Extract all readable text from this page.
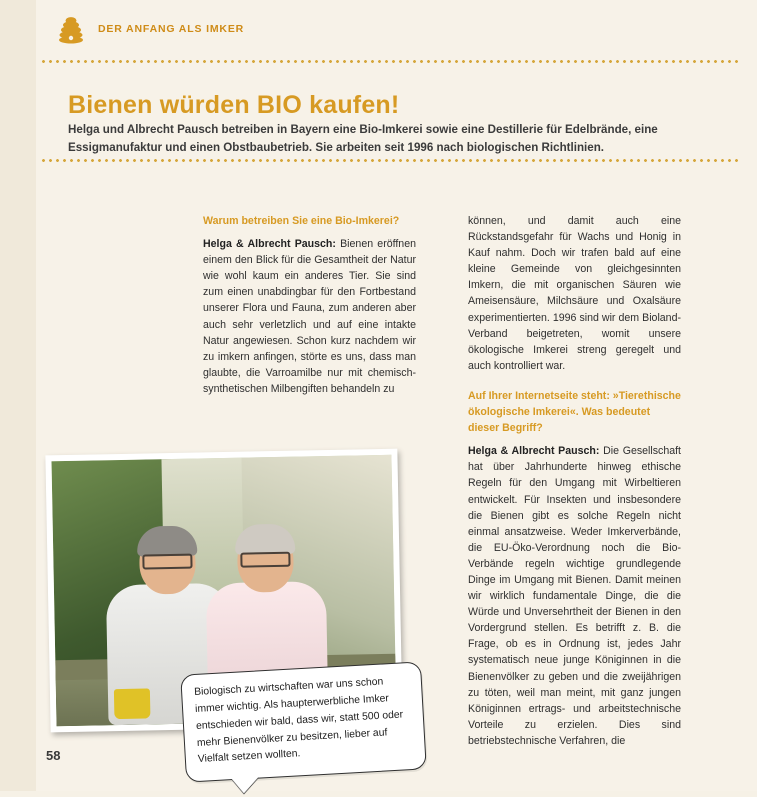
DER ANFANG ALS IMKER
Bienen würden BIO kaufen!

Helga und Albrecht Pausch betreiben in Bayern eine Bio-Imkerei sowie eine Destillerie für Edelbrände, eine Essigmanufaktur und einen Obstbaubetrieb. Sie arbeiten seit 1996 nach biologischen Richtlinien.

Warum betreiben Sie eine Bio-Imkerei?

Helga & Albrecht Pausch: Bienen eröffnen einem den Blick für die Gesamtheit der Natur wie wohl kaum ein anderes Tier. Sie sind zum einen unabdingbar für den Fortbestand unserer Flora und Fauna, zum anderen aber auch sehr verletzlich und auf eine intakte Natur angewiesen. Schon kurz nachdem wir zu imkern anfingen, störte es uns, dass man glaubte, die Varroamilbe nur mit chemisch-synthetischen Milbengiften behandeln zu

können, und damit auch eine Rückstandsgefahr für Wachs und Honig in Kauf nahm. Doch wir trafen bald auf eine kleine Gemeinde von gleichgesinnten Imkern, die mit organischen Säuren wie Ameisensäure, Milchsäure und Oxalsäure experimentierten. 1996 sind wir dem Bioland-Verband beigetreten, womit unsere ökologische Imkerei streng geregelt und auch kontrolliert war.

Auf Ihrer Internetseite steht: »Tierethische ökologische Imkerei«. Was bedeutet dieser Begriff?

Helga & Albrecht Pausch: Die Gesellschaft hat über Jahrhunderte hinweg ethische Regeln für den Umgang mit Wirbeltieren entwickelt. Für Insekten und insbesondere die Bienen gibt es solche Regeln nicht einmal ansatzweise. Weder Imkerverbände, die EU-Öko-Verordnung noch die Bio-Verbände regeln wichtige grundlegende Dinge im Umgang mit Bienen. Damit meinen wir wirklich fundamentale Dinge, die die Würde und Unversehrtheit der Bienen in den Vordergrund stellen. Es betrifft z. B. die Frage, ob es in Ordnung ist, jedes Jahr systematisch neue junge Königinnen in die Bienenvölker zu geben und die zweijährigen zu töten, weil man meint, mit ganz jungen Königinnen ertrags- und arbeitstechnische Vorteile zu erzielen. Dies sind betriebstechnische Verfahren, die

Biologisch zu wirtschaften war uns schon immer wichtig. Als haupterwerbliche Imker entschieden wir bald, dass wir, statt 500 oder mehr Bienenvölker zu besitzen, lieber auf Vielfalt setzen wollten.
58
